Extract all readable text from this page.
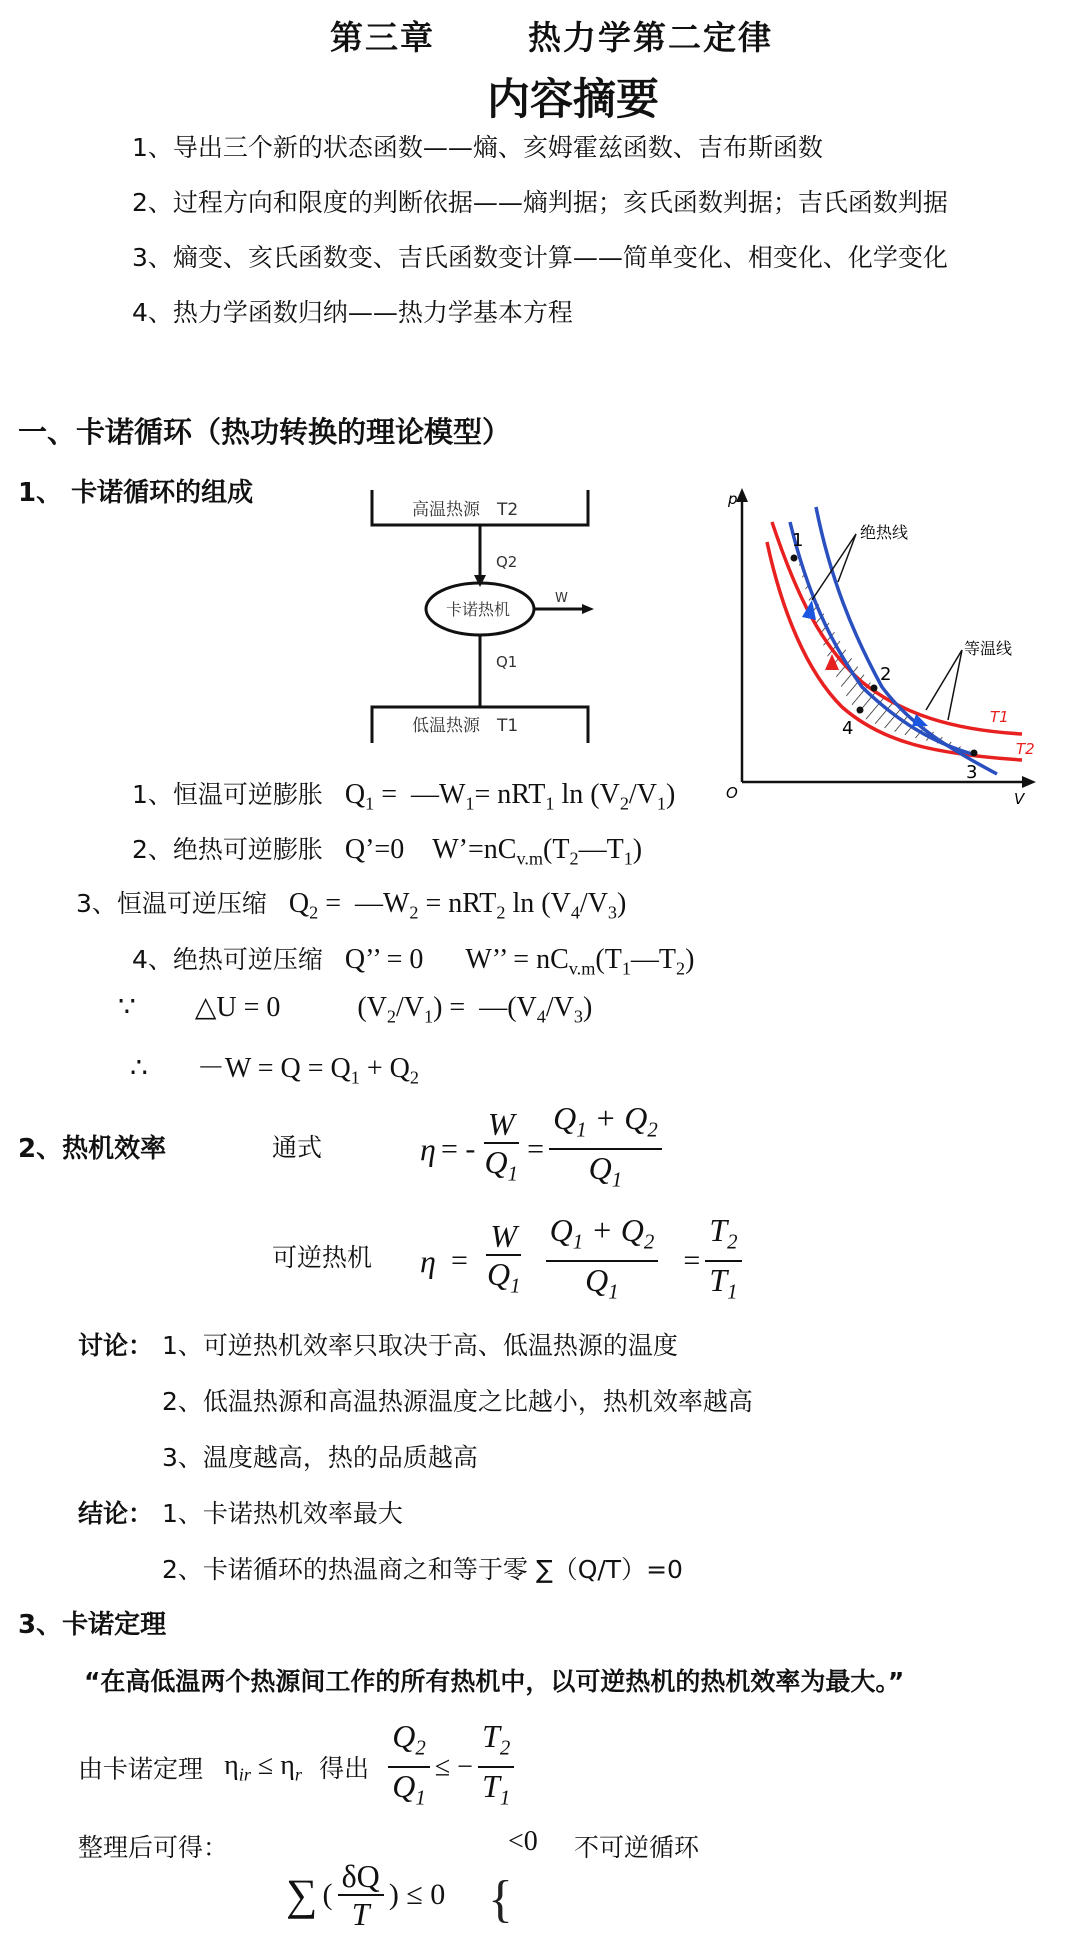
第三章	热力学第二定律
内容摘要
1、导出三个新的状态函数——熵、亥姆霍兹函数、吉布斯函数
2、过程方向和限度的判断依据——熵判据；亥氏函数判据；吉氏函数判据
3、熵变、亥氏函数变、吉氏函数变计算——简单变化、相变化、化学变化
4、热力学函数归纳——热力学基本方程
一、卡诺循环（热功转换的理论模型）
1、 卡诺循环的组成
高温热源　T2
Q2
卡诺热机
W
Q1
低温热源　T1
p
V
O
1
2
3
4
绝热线
等温线
T1
T2
1、恒温可逆膨胀 $Q_1$ =  $—W_1= nRT_1$ $\ln (V_2/V_1)$
2、绝热可逆膨胀 Q’=0    $W’=nC_{v.m}(T_2—T_1)$
3、恒温可逆压缩 $Q_2$ =  $—W_2 = nRT_2$ $\ln (V_4/V_3)$
4、绝热可逆压缩 Q’’ = 0      W’’ = $nC_{v.m}(T_1—T_2)$
∵ △U = 0	$(V_2/V_1)$ =  $—(V_4/V_3)$
∴ $-W = Q = Q_1 + Q_2$
2、热机效率	通式	η = - $\frac{W}{Q_1} = \frac{Q_1 + Q_2}{Q_1}$
可逆热机 $\eta = \frac{W}{Q_1}$
$\frac{Q_1 + Q_2}{Q_1} = \frac{T_2}{T_1}$
讨论： 1、可逆热机效率只取决于高、低温热源的温度
2、低温热源和高温热源温度之比越小，热机效率越高
3、温度越高，热的品质越高
结论： 1、卡诺热机效率最大
2、卡诺循环的热温商之和等于零 ∑（Q/T）=0
3、卡诺定理
“在高低温两个热源间工作的所有热机中，以可逆热机的热机效率为最大。”
由卡诺定理 $\eta_{ir} \le \eta_r$ 得出 $\frac{Q_2}{Q_1}$ ≤ − $\frac{T_2}{T_1}$
整理后可得：
∑ ( $\frac{\delta Q}{T}$ ) ≤ 0 {
<0 不可逆循环
